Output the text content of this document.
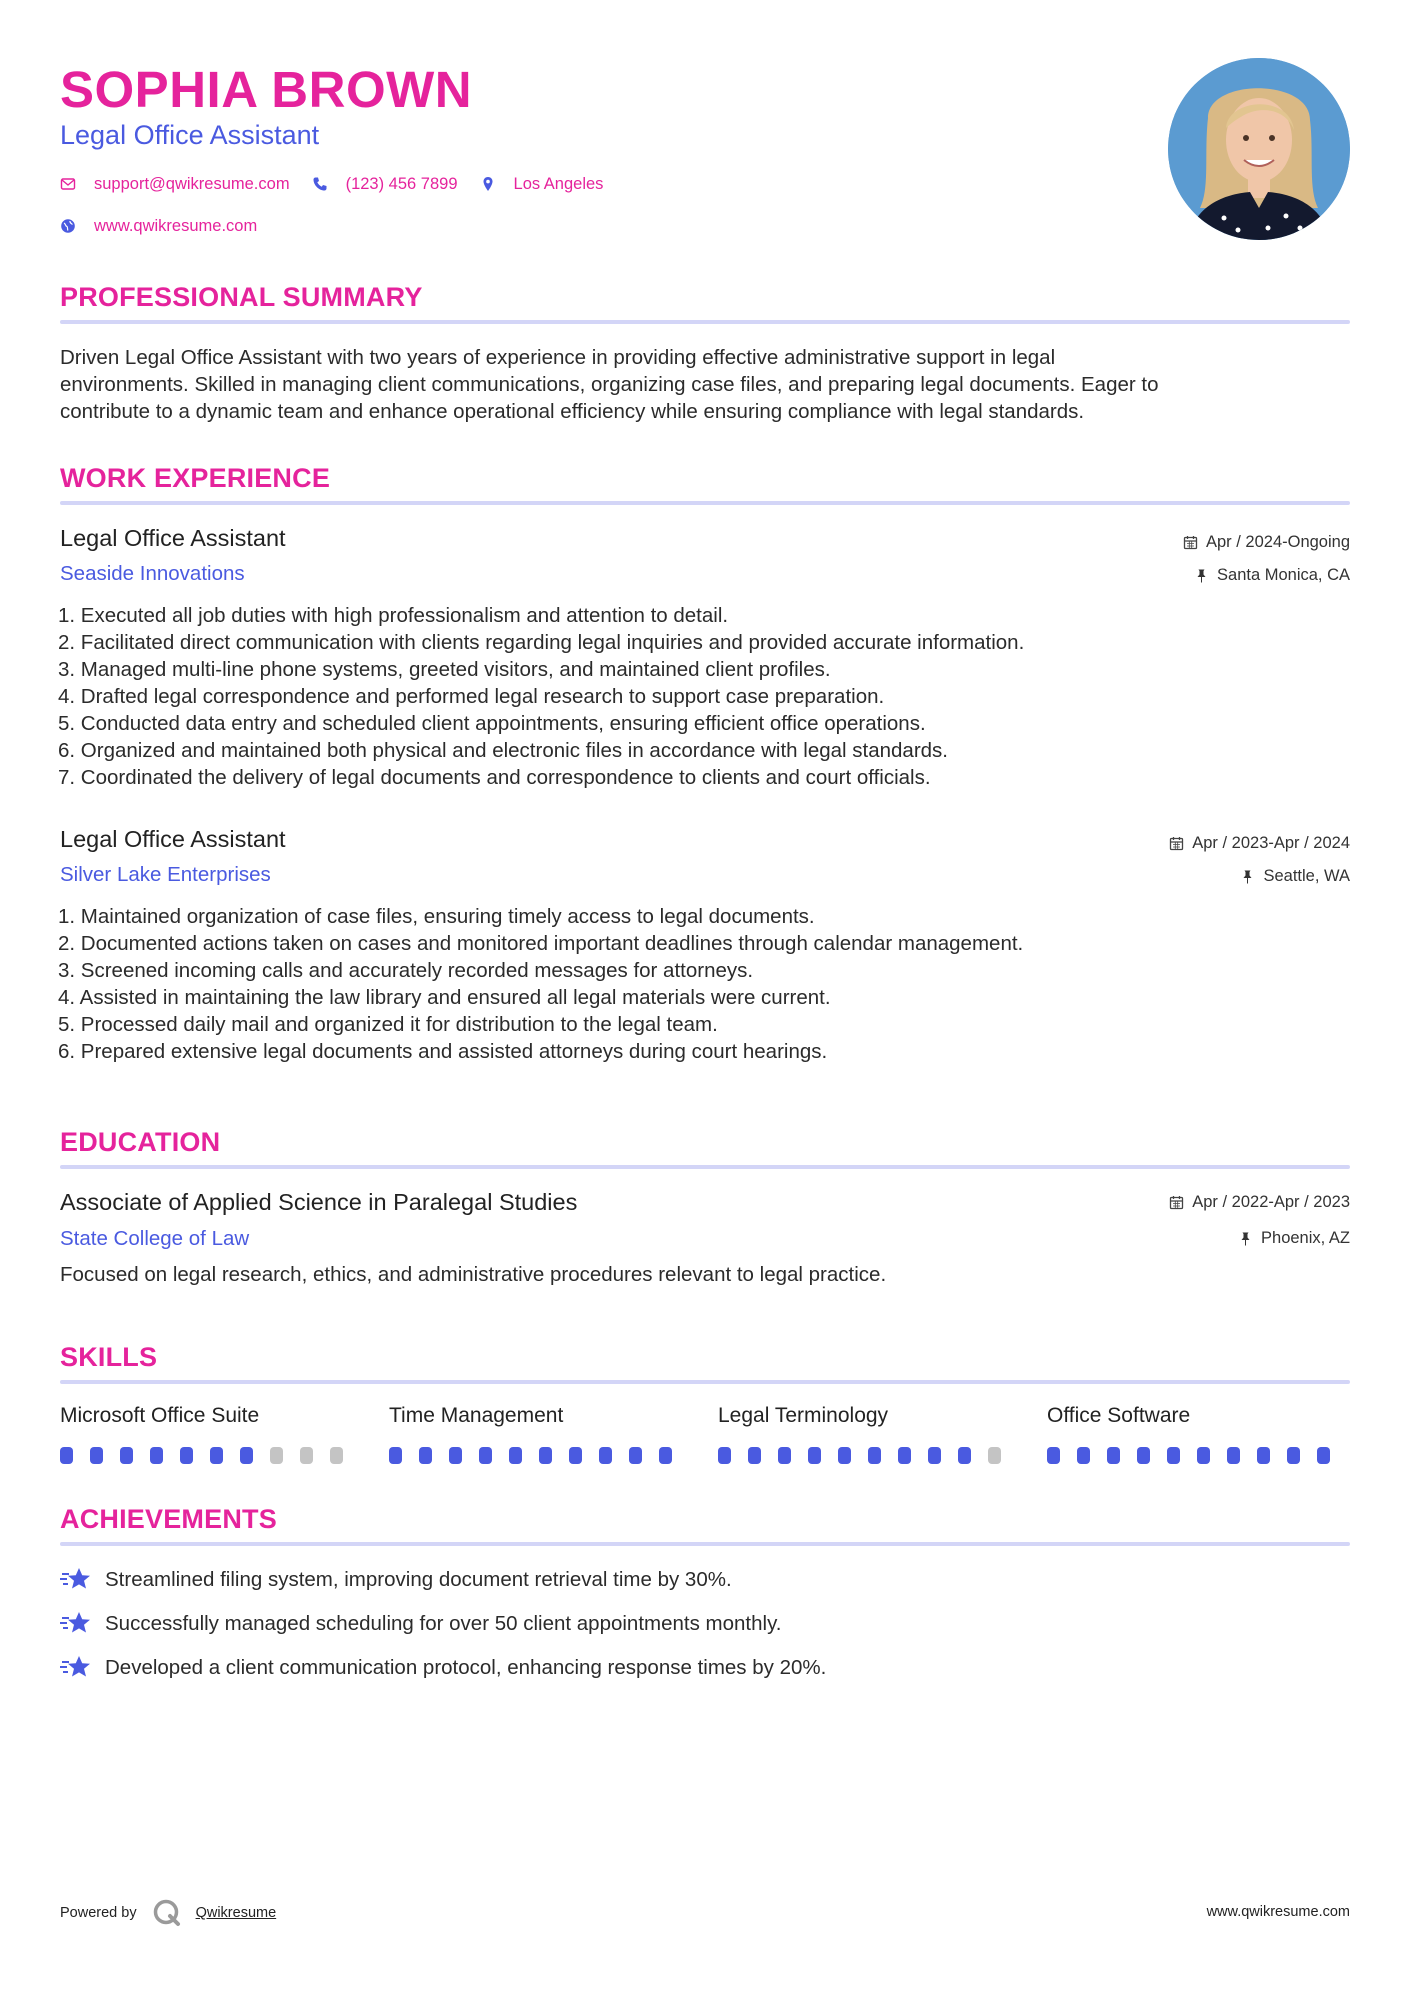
SOPHIA BROWN
Legal Office Assistant
support@qwikresume.com	(123) 456 7899	Los Angeles
www.qwikresume.com
PROFESSIONAL SUMMARY
Driven Legal Office Assistant with two years of experience in providing effective administrative support in legal
environments. Skilled in managing client communications, organizing case files, and preparing legal documents. Eager to
contribute to a dynamic team and enhance operational efficiency while ensuring compliance with legal standards.
WORK EXPERIENCE
Legal Office Assistant
Seaside Innovations
Apr / 2024-Ongoing
Santa Monica, CA
1. Executed all job duties with high professionalism and attention to detail.
2. Facilitated direct communication with clients regarding legal inquiries and provided accurate information.
3. Managed multi-line phone systems, greeted visitors, and maintained client profiles.
4. Drafted legal correspondence and performed legal research to support case preparation.
5. Conducted data entry and scheduled client appointments, ensuring efficient office operations.
6. Organized and maintained both physical and electronic files in accordance with legal standards.
7. Coordinated the delivery of legal documents and correspondence to clients and court officials.
Legal Office Assistant
Silver Lake Enterprises
Apr / 2023-Apr / 2024
Seattle, WA
1. Maintained organization of case files, ensuring timely access to legal documents.
2. Documented actions taken on cases and monitored important deadlines through calendar management.
3. Screened incoming calls and accurately recorded messages for attorneys.
4. Assisted in maintaining the law library and ensured all legal materials were current.
5. Processed daily mail and organized it for distribution to the legal team.
6. Prepared extensive legal documents and assisted attorneys during court hearings.
EDUCATION
Associate of Applied Science in Paralegal Studies
State College of Law
Apr / 2022-Apr / 2023
Phoenix, AZ
Focused on legal research, ethics, and administrative procedures relevant to legal practice.
SKILLS
Microsoft Office Suite	Time Management	Legal Terminology	Office Software
ACHIEVEMENTS
Streamlined filing system, improving document retrieval time by 30%.
Successfully managed scheduling for over 50 client appointments monthly.
Developed a client communication protocol, enhancing response times by 20%.
Powered by	Qwikresume	www.qwikresume.com
